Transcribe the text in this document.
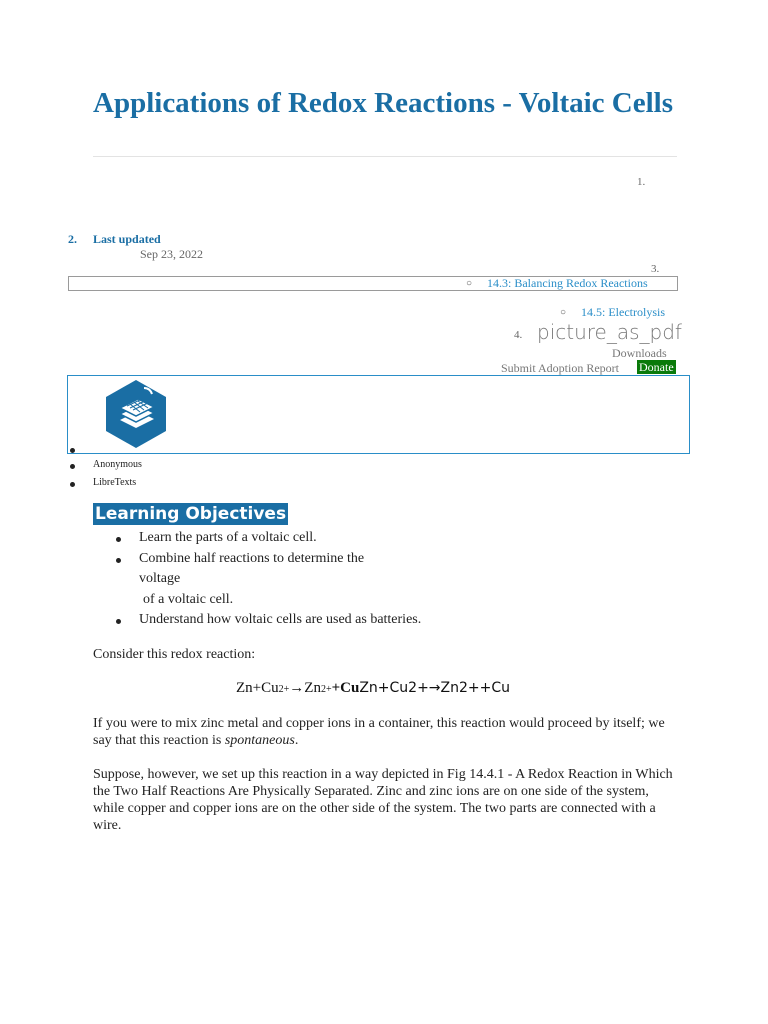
Applications of Redox Reactions - Voltaic Cells
1.
2. Last updated
Sep 23, 2022
3.
○ 14.3: Balancing Redox Reactions
○ 14.5: Electrolysis
4. picture_as_pdf
Downloads
Submit Adoption Report Donate
Anonymous
LibreTexts
Learning Objectives
Learn the parts of a voltaic cell.
Combine half reactions to determine the
voltage
of a voltaic cell.
Understand how voltaic cells are used as batteries.
Consider this redox reaction:
Zn+Cu2+→Zn2++CuZn+Cu2+→Zn2++Cu
If you were to mix zinc metal and copper ions in a container, this reaction would proceed by itself; we say that this reaction is spontaneous.
Suppose, however, we set up this reaction in a way depicted in Fig 14.4.1 - A Redox Reaction in Which the Two Half Reactions Are Physically Separated. Zinc and zinc ions are on one side of the system, while copper and copper ions are on the other side of the system. The two parts are connected with a wire.
